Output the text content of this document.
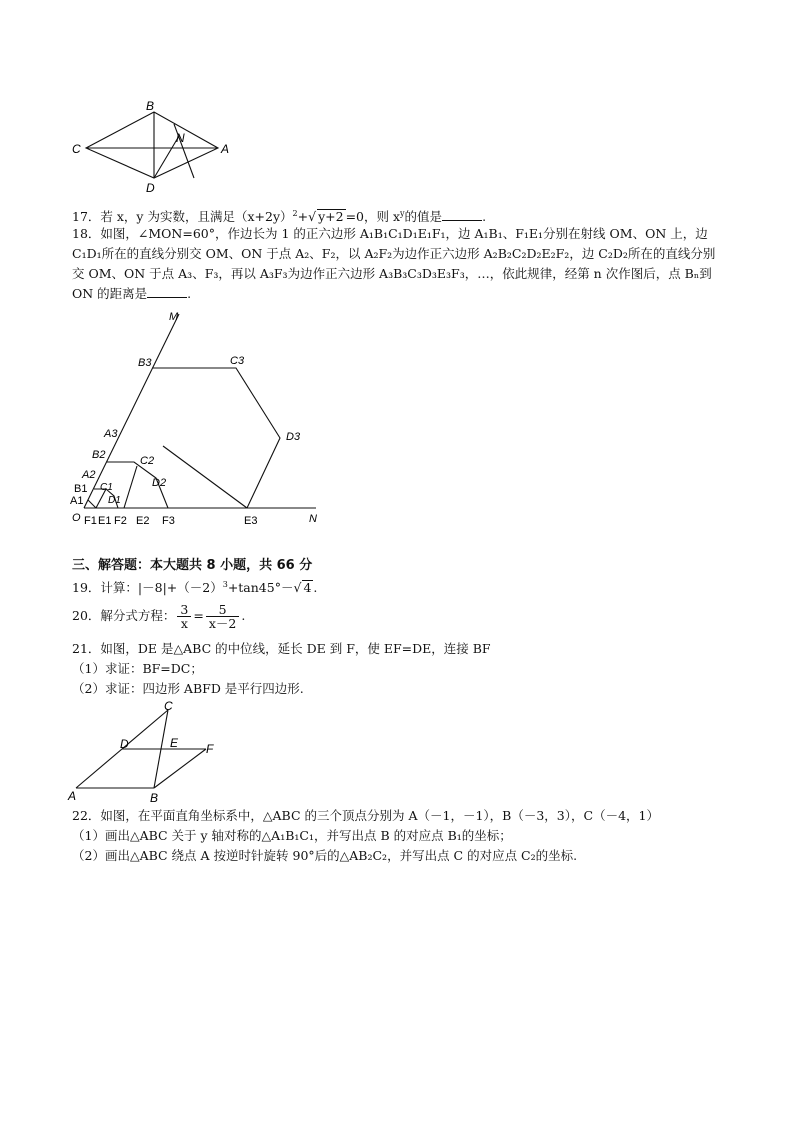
B
C	A
D
N
17．若 x，y 为实数，且满足$(x+2y)^2+√$ y+2 =0，则 $x^y$的值是	.
18．如图，∠MON=60°，作边长为 1 的正六边形 A₁B₁C₁D₁E₁F₁，边 A₁B₁、F₁E₁分别在射线 OM、ON 上，边
C₁D₁所在的直线分别交 OM、ON 于点 A₂、F₂，以 A₂F₂为边作正六边形 A₂B₂C₂D₂E₂F₂，边 C₂D₂所在的直线分别
交 OM、ON 于点 A₃、F₃，再以 A₃F₃为边作正六边形 A₃B₃C₃D₃E₃F₃，…，依此规律，经第 n 次作图后，点 Bₙ到
ON 的距离是	.
M
N
O
B3	C3
D3
E3
F3
A3
B2	C2
D2
E2
F2
A2
B1 C1
D1
E1
F1
A1
三、解答题：本大题共 8 小题，共 66 分
19．计算：$|-8|+(-2)^3+\tan 45^\circ-√$ 4 .
20．解分式方程： $\frac{3}{x} = \frac{5}{x-2}$ .
21．如图，DE 是△ABC 的中位线，延长 DE 到 F，使 EF=DE，连接 BF
（1）求证：BF=DC；
（2）求证：四边形 ABFD 是平行四边形.
C
D	E F
A	B
22．如图，在平面直角坐标系中，△ABC 的三个顶点分别为 A（－1，－1），B（－3，3），C（－4，1）
（1）画出△ABC 关于 y 轴对称的△A₁B₁C₁，并写出点 B 的对应点 B₁的坐标；
（2）画出△ABC 绕点 A 按逆时针旋转 90°后的△AB₂C₂，并写出点 C 的对应点 C₂的坐标.
